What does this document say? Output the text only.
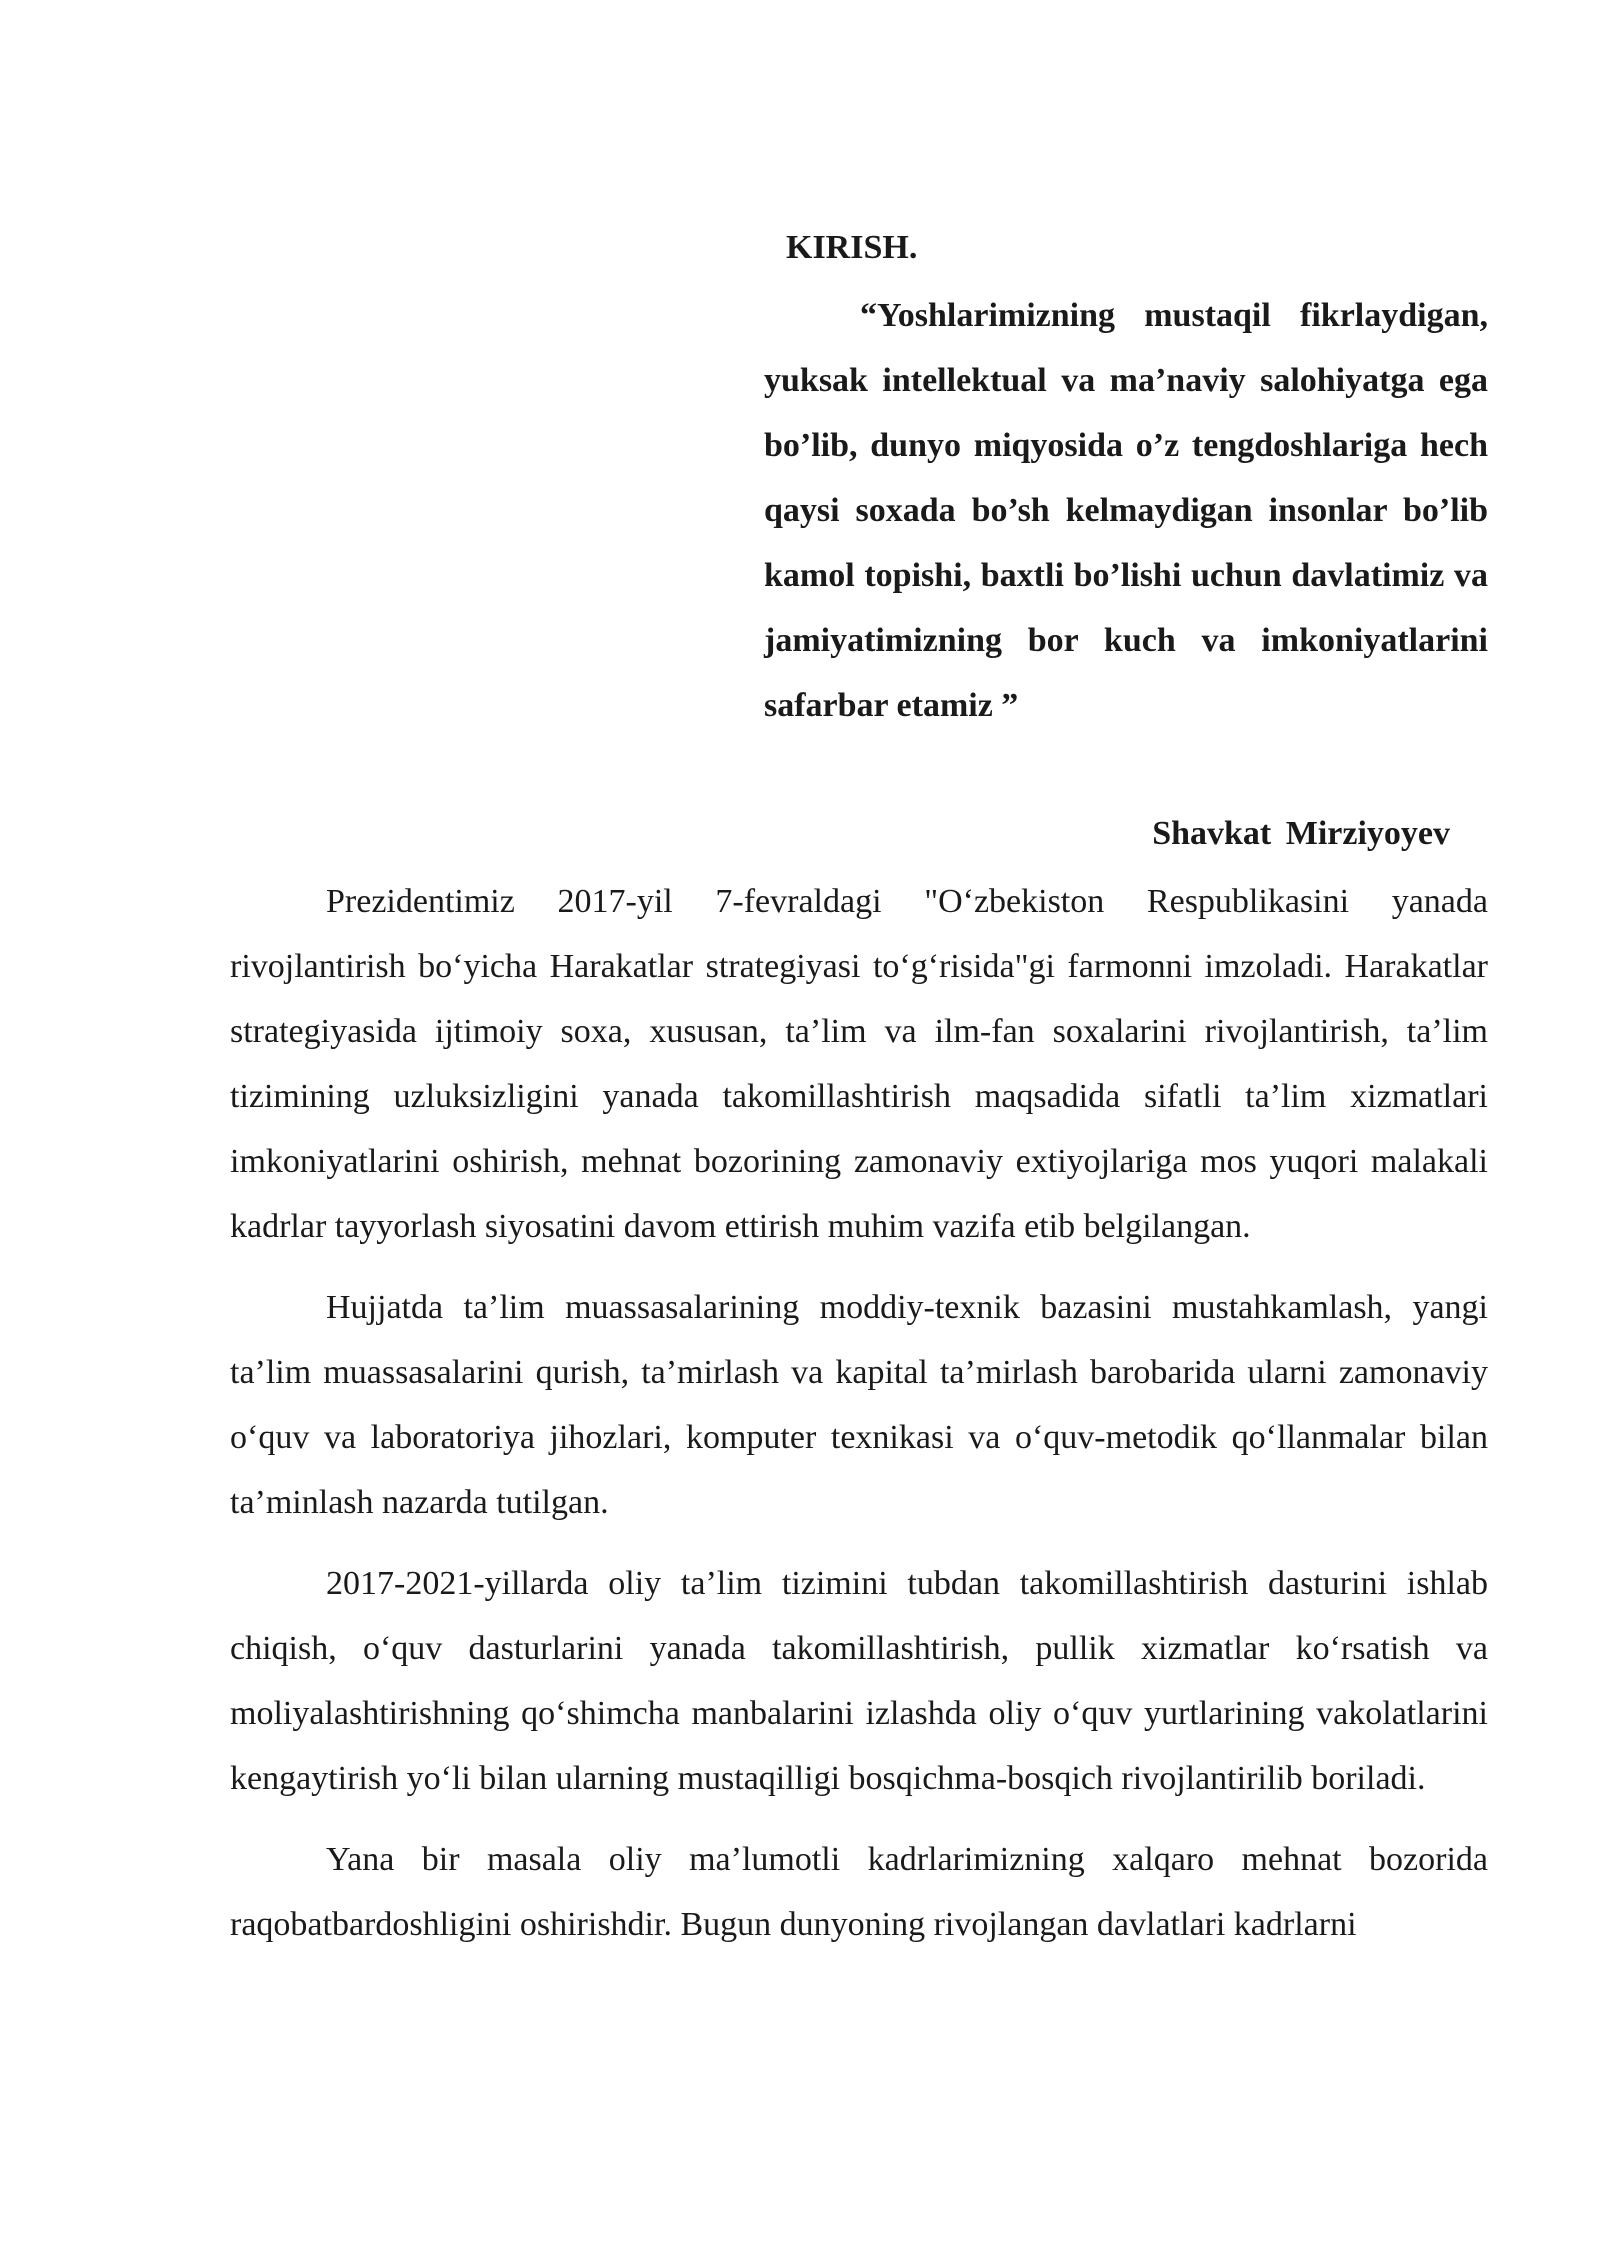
KIRISH.

“Yoshlarimizning mustaqil fikrlaydigan, yuksak intellektual va ma’naviy salohiyatga ega bo’lib, dunyo miqyosida o’z tengdoshlariga hech qaysi soxada bo’sh kelmaydigan insonlar bo’lib kamol topishi, baxtli bo’lishi uchun davlatimiz va jamiyatimizning bor kuch va imkoniyatlarini safarbar etamiz ”

Shavkat Mirziyoyev

Prezidentimiz 2017-yil 7-fevraldagi "O‘zbekiston Respublikasini yanada rivojlantirish bo‘yicha Harakatlar strategiyasi to‘g‘risida"gi farmonni imzoladi. Harakatlar strategiyasida ijtimoiy soxa, xususan, ta’lim va ilm-fan soxalarini rivojlantirish, ta’lim tizimining uzluksizligini yanada takomillashtirish maqsadida sifatli ta’lim xizmatlari imkoniyatlarini oshirish, mehnat bozorining zamonaviy extiyojlariga mos yuqori malakali kadrlar tayyorlash siyosatini davom ettirish muhim vazifa etib belgilangan.

Hujjatda ta’lim muassasalarining moddiy-texnik bazasini mustahkamlash, yangi ta’lim muassasalarini qurish, ta’mirlash va kapital ta’mirlash barobarida ularni zamonaviy o‘quv va laboratoriya jihozlari, komputer texnikasi va o‘quv-metodik qo‘llanmalar bilan ta’minlash nazarda tutilgan.

2017-2021-yillarda oliy ta’lim tizimini tubdan takomillashtirish dasturini ishlab chiqish, o‘quv dasturlarini yanada takomillashtirish, pullik xizmatlar ko‘rsatish va moliyalashtirishning qo‘shimcha manbalarini izlashda oliy o‘quv yurtlarining vakolatlarini kengaytirish yo‘li bilan ularning mustaqilligi bosqichma-bosqich rivojlantirilib boriladi.

Yana bir masala oliy ma’lumotli kadrlarimizning xalqaro mehnat bozorida raqobatbardoshligini oshirishdir. Bugun dunyoning rivojlangan davlatlari kadrlarni
